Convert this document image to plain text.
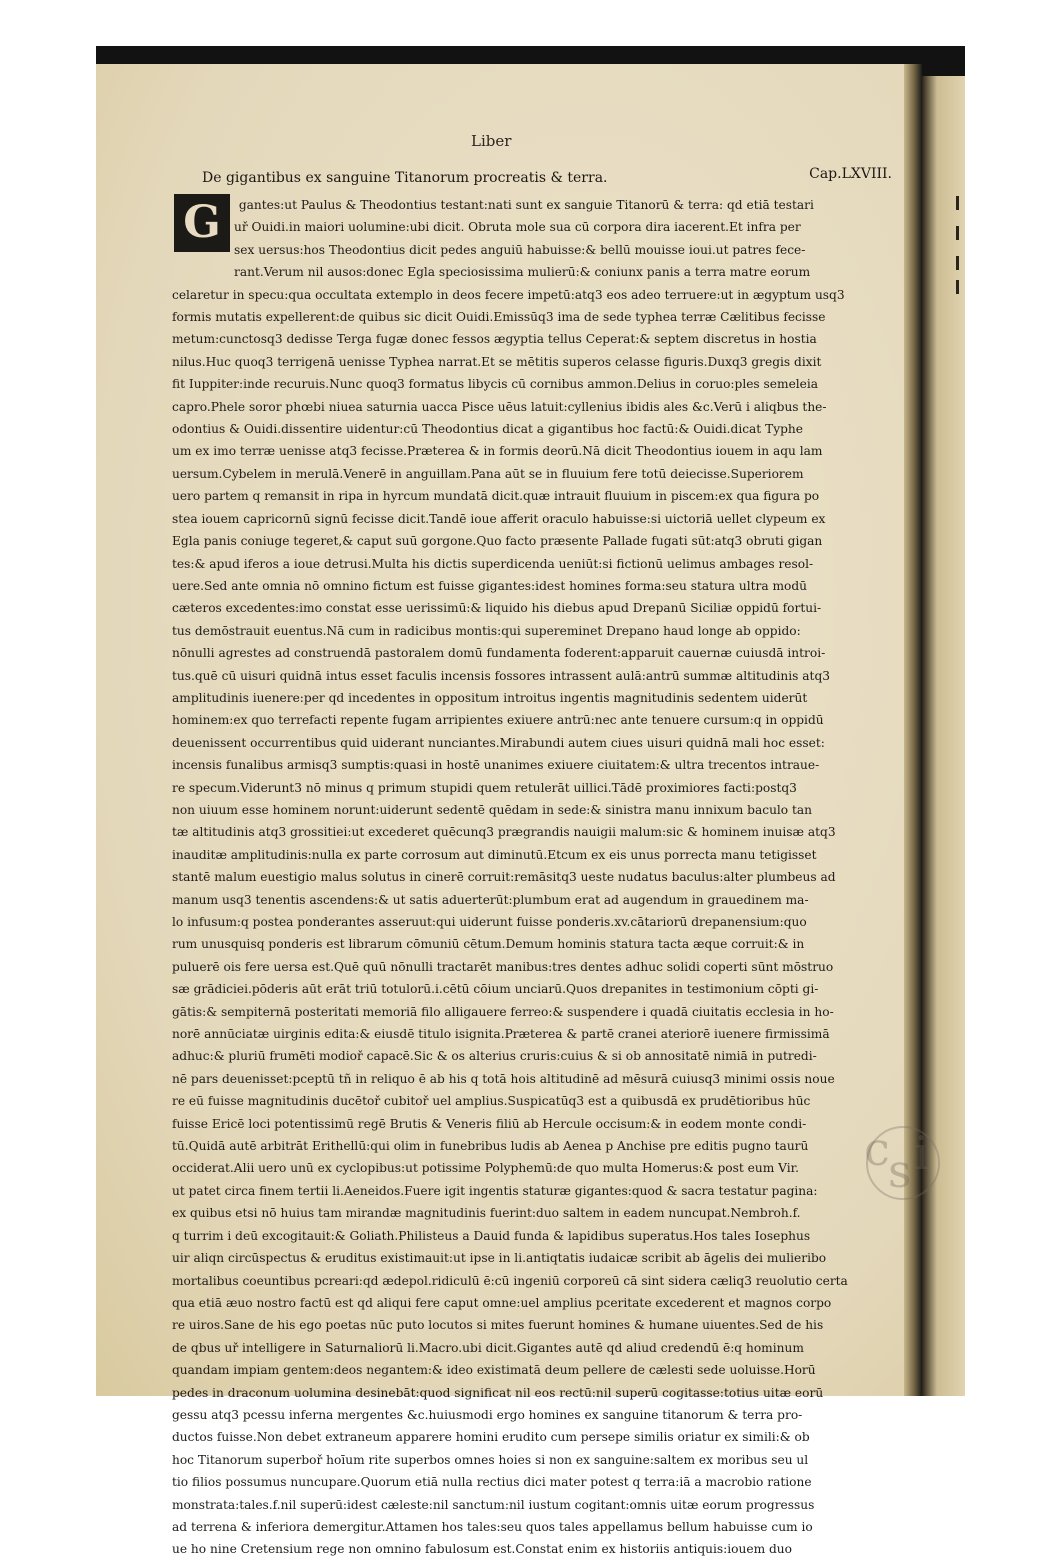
Liber
De gigantibus ex sanguine Titanorum procreatis & terra.	Cap.LXVIII.
G	Igantes:ut Paulus & Theodontius testant:nati sunt ex sanguie Titanorū & terra: qd etiā testari
uř Ouidi.in maiori uolumine:ubi dicit. Obruta mole sua cū corpora dira iacerent.Et infra per
sex uersus:hos Theodontius dicit pedes anguiū habuisse:& bellū mouisse ioui.ut patres fece-
rant.Verum nil ausos:donec Egla speciosissima mulierū:& coniunx panis a terra matre eorum
celaretur in specu:qua occultata extemplo in deos fecere impetū:atq3 eos adeo terruere:ut in ægyptum usq3
formis mutatis expellerent:de quibus sic dicit Ouidi.Emissūq3 ima de sede typhea terræ Cælitibus fecisse
metum:cunctosq3 dedisse Terga fugæ donec fessos ægyptia tellus Ceperat:& septem discretus in hostia
nilus.Huc quoq3 terrigenā uenisse Typhea narrat.Et se mētitis superos celasse figuris.Duxq3 gregis dixit
fit Iuppiter:inde recuruis.Nunc quoq3 formatus libycis cū cornibus ammon.Delius in coruo:ples semeleia
capro.Phele soror phœbi niuea saturnia uacca Pisce uēus latuit:cyllenius ibidis ales &c.Verū i aliqbus the-
odontius & Ouidi.dissentire uidentur:cū Theodontius dicat a gigantibus hoc factū:& Ouidi.dicat Typhe
um ex imo terræ uenisse atq3 fecisse.Præterea & in formis deorū.Nā dicit Theodontius iouem in aqu lam
uersum.Cybelem in merulā.Venerē in anguillam.Pana aūt se in fluuium fere totū deiecisse.Superiorem
uero partem q remansit in ripa in hyrcum mundatā dicit.quæ intrauit fluuium in piscem:ex qua figura po
stea iouem capricornū signū fecisse dicit.Tandē ioue afferit oraculo habuisse:si uictoriā uellet clypeum ex
Egla panis coniuge tegeret,& caput suū gorgone.Quo facto præsente Pallade fugati sūt:atq3 obruti gigan
tes:& apud iferos a ioue detrusi.Multa his dictis superdicenda ueniūt:si fictionū uelimus ambages resol-
uere.Sed ante omnia nō omnino fictum est fuisse gigantes:idest homines forma:seu statura ultra modū
cæteros excedentes:imo constat esse uerissimū:& liquido his diebus apud Drepanū Siciliæ oppidū fortui-
tus demōstrauit euentus.Nā cum in radicibus montis:qui supereminet Drepano haud longe ab oppido:
nōnulli agrestes ad construendā pastoralem domū fundamenta foderent:apparuit cauernæ cuiusdā introi-
tus.quē cū uisuri quidnā intus esset faculis incensis fossores intrassent aulā:antrū summæ altitudinis atq3
amplitudinis iuenere:per qd incedentes in oppositum introitus ingentis magnitudinis sedentem uiderūt
hominem:ex quo terrefacti repente fugam arripientes exiuere antrū:nec ante tenuere cursum:q in oppidū
deuenissent occurrentibus quid uiderant nunciantes.Mirabundi autem ciues uisuri quidnā mali hoc esset:
incensis funalibus armisq3 sumptis:quasi in hostē unanimes exiuere ciuitatem:& ultra trecentos intraue-
re specum.Viderunt3 nō minus q primum stupidi quem retulerāt uillici.Tādē proximiores facti:postq3
non uiuum esse hominem norunt:uiderunt sedentē quēdam in sede:& sinistra manu innixum baculo tan
tæ altitudinis atq3 grossitiei:ut excederet quēcunq3 prægrandis nauigii malum:sic & hominem inuisæ atq3
inauditæ amplitudinis:nulla ex parte corrosum aut diminutū.Etcum ex eis unus porrecta manu tetigisset
stantē malum euestigio malus solutus in cinerē corruit:remāsitq3 ueste nudatus baculus:alter plumbeus ad
manum usq3 tenentis ascendens:& ut satis aduerterūt:plumbum erat ad augendum in grauedinem ma-
lo infusum:q postea ponderantes asseruut:qui uiderunt fuisse ponderis.xv.cātariorū drepanensium:quo
rum unusquisq ponderis est librarum cōmuniū cētum.Demum hominis statura tacta æque corruit:& in
puluerē ois fere uersa est.Quē quū nōnulli tractarēt manibus:tres dentes adhuc solidi coperti sūnt mōstruo
sæ grādiciei.pōderis aūt erāt triū totulorū.i.cētū cōium unciarū.Quos drepanites in testimonium cōpti gi-
gātis:& sempiternā posteritati memoriā filo alligauere ferreo:& suspendere i quadā ciuitatis ecclesia in ho-
norē annūciatæ uirginis edita:& eiusdē titulo isignita.Præterea & partē cranei ateriorē iuenere firmissimā
adhuc:& pluriū frumēti modioř capacē.Sic & os alterius cruris:cuius & si ob annositatē nimiā in putredi-
nē pars deuenisset:pceptū tñ in reliquo ē ab his q totā hois altitudinē ad mēsurā cuiusq3 minimi ossis noue
re eū fuisse magnitudinis ducētoř cubitoř uel amplius.Suspicatūq3 est a quibusdā ex prudētioribus hūc
fuisse Ericē loci potentissimū regē Brutis & Veneris filiū ab Hercule occisum:& in eodem monte condi-
tū.Quidā autē arbitrāt Erithellū:qui olim in funebribus ludis ab Aenea p Anchise pre editis pugno taurū
occiderat.Alii uero unū ex cyclopibus:ut potissime Polyphemū:de quo multa Homerus:& post eum Vir.
ut patet circa finem tertii li.Aeneidos.Fuere igit ingentis staturæ gigantes:quod & sacra testatur pagina:
ex quibus etsi nō huius tam mirandæ magnitudinis fuerint:duo saltem in eadem nuncupat.Nembroh.f.
q turrim i deū excogitauit:& Goliath.Philisteus a Dauid funda & lapidibus superatus.Hos tales Iosephus
uir aliqn circūspectus & eruditus existimauit:ut ipse in li.antiqtatis iudaicæ scribit ab āgelis dei mulieribo
mortalibus coeuntibus pcreari:qd ædepol.ridiculū ē:cū ingeniū corporeū cā sint sidera cæliq3 reuolutio certa
qua etiā æuo nostro factū est qd aliqui fere caput omne:uel amplius pceritate excederent et magnos corpo
re uiros.Sane de his ego poetas nūc puto locutos si mites fuerunt homines & humane uiuentes.Sed de his
de qbus uř intelligere in Saturnaliorū li.Macro.ubi dicit.Gigantes autē qd aliud credendū ē:q hominum
quandam impiam gentem:deos negantem:& ideo existimatā deum pellere de cælesti sede uoluisse.Horū
pedes in draconum uolumina desinebāt:quod significat nil eos rectū:nil superū cogitasse:totius uitæ eorū
gessu atq3 pcessu inferna mergentes &c.huiusmodi ergo homines ex sanguine titanorum & terra pro-
ductos fuisse.Non debet extraneum apparere homini erudito cum persepe similis oriatur ex simili:& ob
hoc Titanorum superboř hoīum rite superbos omnes hoies si non ex sanguine:saltem ex moribus seu ul
tio filios possumus nuncupare.Quorum etiā nulla rectius dici mater potest q terra:iā a macrobio ratione
monstrata:tales.f.nil superū:idest cæleste:nil sanctum:nil iustum cogitant:omnis uitæ eorum progressus
ad terrena & inferiora demergitur.Attamen hos tales:seu quos tales appellamus bellum habuisse cum io
ue ho nine Cretensium rege non omnino fabulosum est.Constat enim ex historiis antiquis:iouem duo
c
s i
